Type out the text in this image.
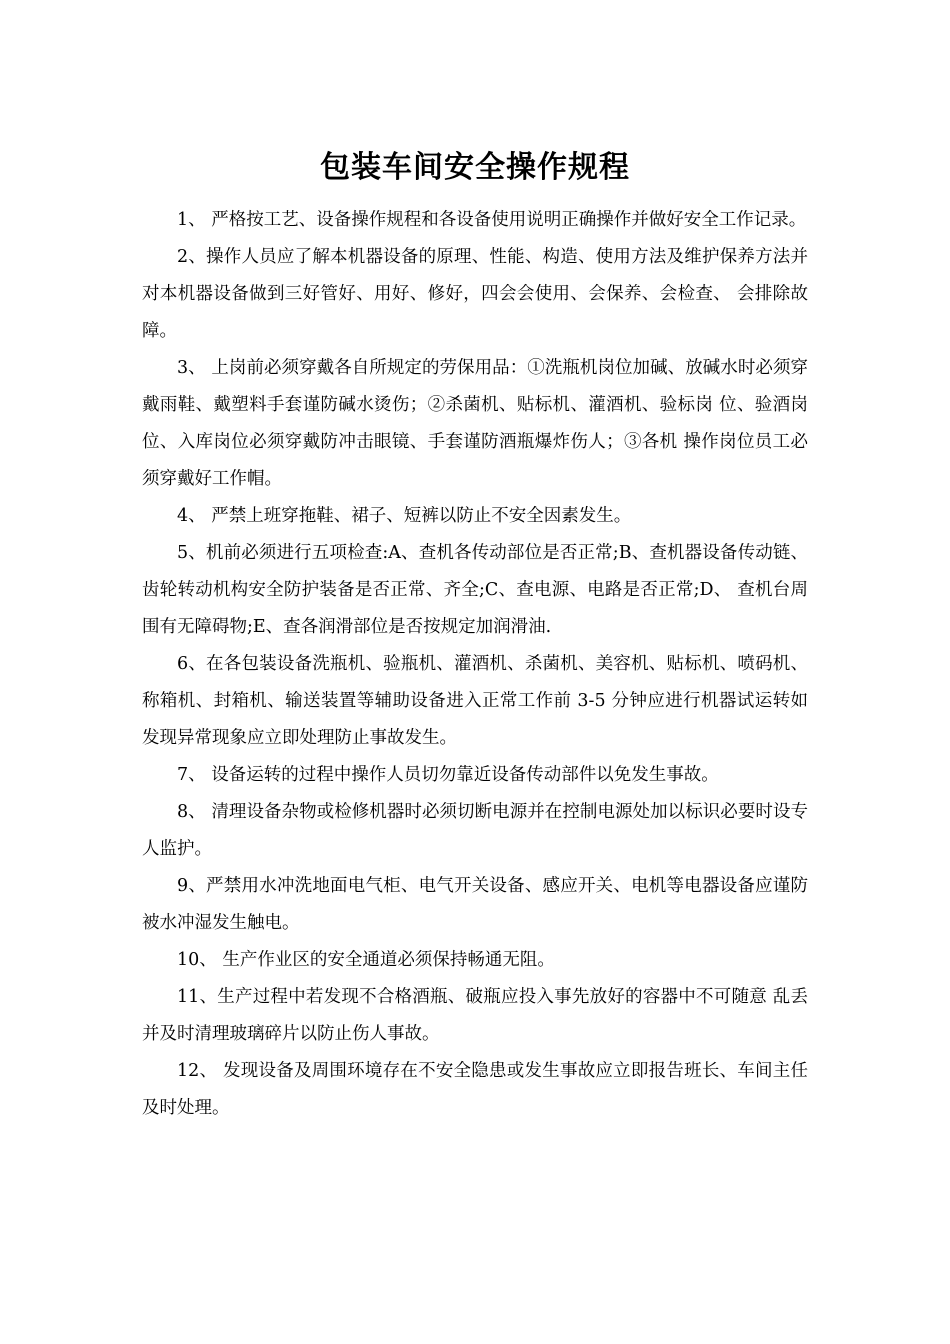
包装车间安全操作规程

1、 严格按工艺、设备操作规程和各设备使用说明正确操作并做好安全工作记录。

2、操作人员应了解本机器设备的原理、性能、构造、使用方法及维护保养方法并对本机器设备做到三好管好、用好、修好，四会会使用、会保养、会检查、 会排除故障。

3、 上岗前必须穿戴各自所规定的劳保用品：①洗瓶机岗位加碱、放碱水时必须穿戴雨鞋、戴塑料手套谨防碱水烫伤；②杀菌机、贴标机、灌酒机、验标岗 位、验酒岗位、入库岗位必须穿戴防冲击眼镜、手套谨防酒瓶爆炸伤人；③各机 操作岗位员工必须穿戴好工作帽。

4、 严禁上班穿拖鞋、裙子、短裤以防止不安全因素发生。

5、机前必须进行五项检查:A、查机各传动部位是否正常;B、查机器设备传动链、齿轮转动机构安全防护装备是否正常、齐全;C、查电源、电路是否正常;D、 查机台周围有无障碍物;E、查各润滑部位是否按规定加润滑油.

6、在各包装设备洗瓶机、验瓶机、灌酒机、杀菌机、美容机、贴标机、喷码机、称箱机、封箱机、输送装置等辅助设备进入正常工作前 3-5 分钟应进行机器试运转如发现异常现象应立即处理防止事故发生。

7、 设备运转的过程中操作人员切勿靠近设备传动部件以免发生事故。

8、 清理设备杂物或检修机器时必须切断电源并在控制电源处加以标识必要时设专人监护。

9、严禁用水冲洗地面电气柜、电气开关设备、感应开关、电机等电器设备应谨防被水冲湿发生触电。

10、 生产作业区的安全通道必须保持畅通无阻。

11、生产过程中若发现不合格酒瓶、破瓶应投入事先放好的容器中不可随意 乱丢并及时清理玻璃碎片以防止伤人事故。

12、 发现设备及周围环境存在不安全隐患或发生事故应立即报告班长、车间主任及时处理。
